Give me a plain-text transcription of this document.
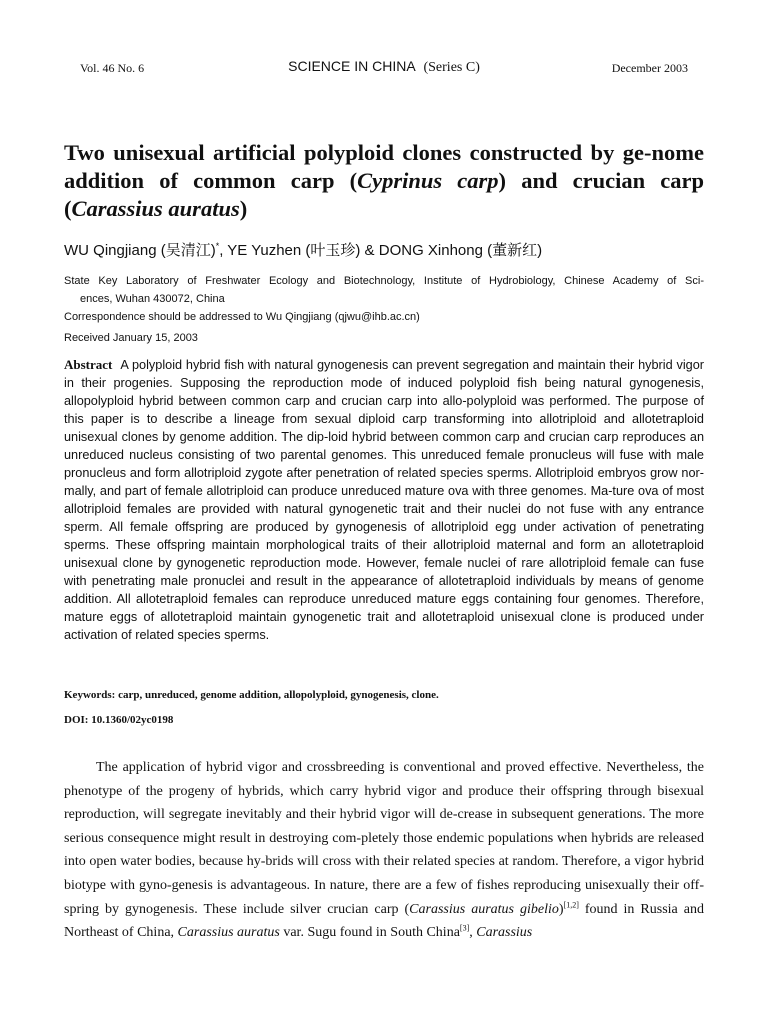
Vol. 46 No. 6	SCIENCE IN CHINA (Series C)	December 2003
Two unisexual artificial polyploid clones constructed by ge-nome addition of common carp (Cyprinus carp) and crucian carp (Carassius auratus)
WU Qingjiang (吴清江)*, YE Yuzhen (叶玉珍) & DONG Xinhong (董新红)
State Key Laboratory of Freshwater Ecology and Biotechnology, Institute of Hydrobiology, Chinese Academy of Sci-
ences, Wuhan 430072, China
Correspondence should be addressed to Wu Qingjiang (qjwu@ihb.ac.cn)
Received January 15, 2003

Abstract A polyploid hybrid fish with natural gynogenesis can prevent segregation and maintain their hybrid vigor in their progenies. Supposing the reproduction mode of induced polyploid fish being natural gynogenesis, allopolyploid hybrid between common carp and crucian carp into allo-polyploid was performed. The purpose of this paper is to describe a lineage from sexual diploid carp transforming into allotriploid and allotetraploid unisexual clones by genome addition. The dip-loid hybrid between common carp and crucian carp reproduces an unreduced nucleus consisting of two parental genomes. This unreduced female pronucleus will fuse with male pronucleus and form allotriploid zygote after penetration of related species sperms. Allotriploid embryos grow nor-mally, and part of female allotriploid can produce unreduced mature ova with three genomes. Ma-ture ova of most allotriploid females are provided with natural gynogenetic trait and their nuclei do not fuse with any entrance sperm. All female offspring are produced by gynogenesis of allotriploid egg under activation of penetrating sperms. These offspring maintain morphological traits of their allotriploid maternal and form an allotetraploid unisexual clone by gynogenetic reproduction mode. However, female nuclei of rare allotriploid female can fuse with penetrating male pronuclei and result in the appearance of allotetraploid individuals by means of genome addition. All allotetraploid females can reproduce unreduced mature eggs containing four genomes. Therefore, mature eggs of allotetraploid maintain gynogenetic trait and allotetraploid unisexual clone is produced under activation of related species sperms.

Keywords: carp, unreduced, genome addition, allopolyploid, gynogenesis, clone.
DOI: 10.1360/02yc0198

The application of hybrid vigor and crossbreeding is conventional and proved effective. Nevertheless, the phenotype of the progeny of hybrids, which carry hybrid vigor and produce their offspring through bisexual reproduction, will segregate inevitably and their hybrid vigor will de-crease in subsequent generations. The more serious consequence might result in destroying com-pletely those endemic populations when hybrids are released into open water bodies, because hy-brids will cross with their related species at random. Therefore, a vigor hybrid biotype with gyno-genesis is advantageous. In nature, there are a few of fishes reproducing unisexually their off-spring by gynogenesis. These include silver crucian carp (Carassius auratus gibelio)[1,2] found in Russia and Northeast of China, Carassius auratus var. Sugu found in South China[3], Carassius
